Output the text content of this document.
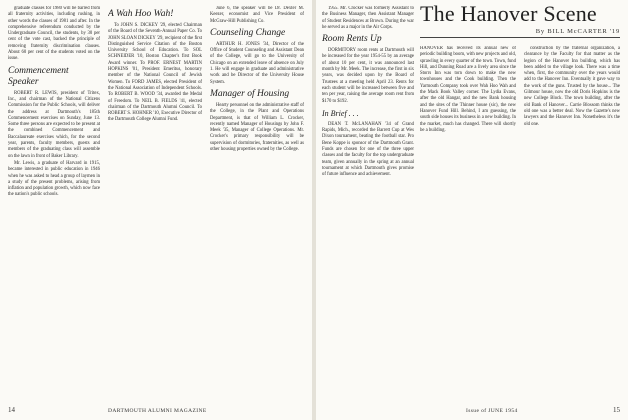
graduate classes for 1980 will be barred from all fraternity activities, including rushing, in other words the classes of 1981 and after. In the comprehensive referendum conducted by the Undergraduate Council, the students, by 30 per cent of the vote cast, backed the principle of removing fraternity discrimination clauses. About 60 per cent of the students voted on the issue.

Commencement Speaker

ROBERT R. LEWIS, president of Tritex, Inc., and chairman of the National Citizens Commission for the Public Schools, will deliver the address at Dartmouth's 185th Commencement exercises on Sunday, June 13. Some three persons are expected to be present at the combined Commencement and Baccalaureate exercises which, for the second year, parents, faculty members, guests and members of the graduating class will assemble on the lawn in front of Baker Library.

Mr. Lewis, a graduate of Harvard in 1915, became interested in public education in 1946 when he was asked to head a group of laymen in a study of the present problems, arising from inflation and population growth, which now face the nation's public schools.

A Wah Hoo Wah!

To JOHN S. DICKEY '29, elected Chairman of the Board of the Seventh-Annual Paper Co. To JOHN SLOAN DICKEY '29, recipient of the first Distinguished Service Citation of the Boston University School of Education. To SOL SCHNEIDER '10, Boston Chapter's first Book Award winner. To PROF. ERNEST MARTIN HOPKINS '01, President Emeritus, honorary member of the National Council of Jewish Women. To FORD JAMES, elected President of the National Association of Independent Schools. To ROBERT B. WOOD '34, awarded the Medal of Freedom. To NEIL B. FIELDS '41, elected chairman of the Dartmouth Alumni Council. To ROBERT S. HOHNER '10, Executive Director of the Dartmouth College Alumni Fund.

June 6, the speaker will be Dr. Dexter M. Keezer, economist and Vice President of McGraw-Hill Publishing Co.

Counseling Change

ARTHUR H. JONES '34, Director of the Office of Student Counseling and Assistant Dean of the College, will go to the University of Chicago on an extended leave of absence on July 1. He will engage in graduate and administrative work and be Director of the University House System.

Manager of Housing

Hearty personnel on the administrative staff of the College, in the Plant and Operations Department, is that of William L. Crocker, recently named Manager of Housings by John F. Meek '35, Manager of College Operations. Mr. Crocker's primary responsibility will be supervision of dormitories, fraternities, as well as other housing properties owned by the College.

14	DARTMOUTH ALUMNI MAGAZINE

1955. Mr. Crocker was formerly Assistant to the Business Manager, then Assistant Manager of Student Residences at Brown. During the war he served as a major in the Air Corps.

Room Rents Up

DORMITORY room rents at Dartmouth will be increased for the year 1954-55 by an average of about 10 per cent, it was announced last month by Mr. Meek. The increase, the first in six years, was decided upon by the Board of Trustees at a meeting held April 23. Rents for each student will be increased between five and ten per year, raising the average room rent from $170 to $192.

In Brief . . .

DEAN T. McLANAHAN '34 of Grand Rapids, Mich., recorded the Barrett Cup at Wes Dixon tournament, beating the football star. Pro Bene Koppe is sponsor of the Dartmouth Grant. Funds are chosen for one of the three upper classes and the faculty for the top undergraduate team, given annually in the spring at an annual tournament at which Dartmouth gives promise of future influence and achievement.

The Hanover Scene
By BILL McCARTER '19

HANOVER has received its annual new of periodic building boom, with new projects and old, sprawling in every quarter of the town. Town, fund Hill, and Dunning Road are a lively area since the Storrs Inn was torn down to make the new townhouses and the Cook building. Then the Yarmouth Company took over Wah Hoo Wah and the Mack Book Valley corner. The Lydia Evans, after the old Hangar, and the new Bank housing and the sites of the Thinner house (sic), the new Hanover Fund Hill. Behind, I am guessing, the south side houses its business in a new building. In the market, much has changed. There will shortly be a building.

construction by the fraternal organization, a clearance by the Faculty for that matter as the legion of the Hanover Inn building, which has been added to the village look. There was a time when, first, the community over the years would add to the Hanover Inn. Eventually it gave way to the work of the guns. Trusted by the house... The Gilmour house, now the old Doris Hopkins is the new College Block. The town building, after the old Bank of Hanover... Carrie Blossom thinks the old one was a better deal. Now the Gazette's new lawyers and the Hanover Inn. Nonetheless it's the old one.

Issue of JUNE 1954	15
